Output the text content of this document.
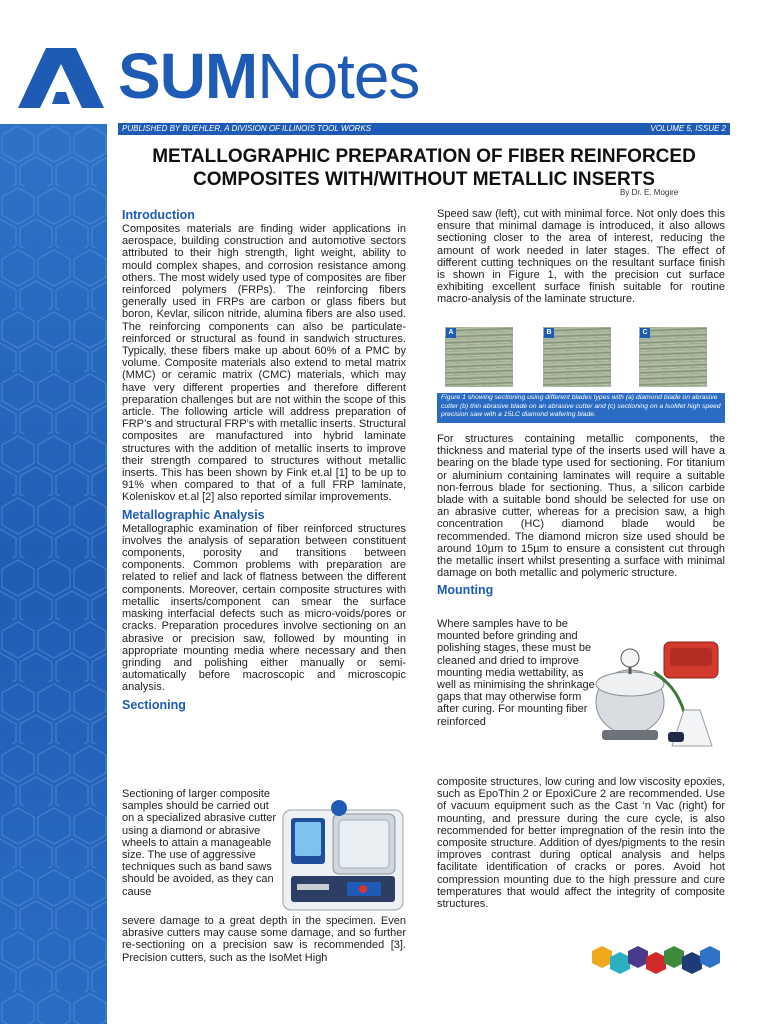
SUMNotes
PUBLISHED BY BUEHLER, A DIVISION OF ILLINOIS TOOL WORKS	VOLUME 5, ISSUE 2
METALLOGRAPHIC PREPARATION OF FIBER REINFORCED
COMPOSITES WITH/WITHOUT METALLIC INSERTS
By Dr. E. Mogire
Introduction

Composites materials are finding wider applications in aerospace, building construction and automotive sectors attributed to their high strength, light weight, ability to mould complex shapes, and corrosion resistance among others. The most widely used type of composites are fiber reinforced polymers (FRPs). The reinforcing fibers generally used in FRPs are carbon or glass fibers but boron, Kevlar, silicon nitride, alumina fibers are also used. The reinforcing components can also be particulate-reinforced or structural as found in sandwich structures. Typically, these fibers make up about 60% of a PMC by volume. Composite materials also extend to metal matrix (MMC) or ceramic matrix (CMC) materials, which may have very different properties and therefore different preparation challenges but are not within the scope of this article. The following article will address preparation of FRP’s and structural FRP’s with metallic inserts. Structural composites are manufactured into hybrid laminate structures with the addition of metallic inserts to improve their strength compared to structures without metallic inserts. This has been shown by Fink et.al [1] to be up to 91% when compared to that of a full FRP laminate, Koleniskov et.al [2] also reported similar improvements.

Metallographic Analysis

Metallographic examination of fiber reinforced structures involves the analysis of separation between constituent components, porosity and transitions between components. Common problems with preparation are related to relief and lack of flatness between the different components. Moreover, certain composite structures with metallic inserts/component can smear the surface masking interfacial defects such as micro-voids/pores or cracks. Preparation procedures involve sectioning on an abrasive or precision saw, followed by mounting in appropriate mounting media where necessary and then grinding and polishing either manually or semi-automatically before macroscopic and microscopic analysis.

Sectioning

Sectioning of larger composite samples should be carried out on a specialized abrasive cutter using a diamond or abrasive wheels to attain a manageable size. The use of aggressive techniques such as band saws should be avoided, as they can cause

severe damage to a great depth in the specimen. Even abrasive cutters may cause some damage, and so further re-sectioning on a precision saw is recommended [3]. Precision cutters, such as the IsoMet High

Speed saw (left), cut with minimal force. Not only does this ensure that minimal damage is introduced, it also allows sectioning closer to the area of interest, reducing the amount of work needed in later stages. The effect of different cutting techniques on the resultant surface finish is shown in Figure 1, with the precision cut surface exhibiting excellent surface finish suitable for routine macro-analysis of the laminate structure.

A	B	C
Figure 1 showing sectioning using different blades types with (a) diamond blade on abrasive cutter (b) thin abrasive blade on an abrasive cutter and (c) sectioning on a IsoMet high speed precision saw with a 15LC diamond wafering blade.

For structures containing metallic components, the thickness and material type of the inserts used will have a bearing on the blade type used for sectioning. For titanium or aluminium containing laminates will require a suitable non-ferrous blade for sectioning. Thus, a silicon carbide blade with a suitable bond should be selected for use on an abrasive cutter, whereas for a precision saw, a high concentration (HC) diamond blade would be recommended. The diamond micron size used should be around 10µm to 15µm to ensure a consistent cut through the metallic insert whilst presenting a surface with minimal damage on both metallic and polymeric structure.

Mounting

Where samples have to be mounted before grinding and polishing stages, these must be cleaned and dried to improve mounting media wettability, as well as minimising the shrinkage gaps that may otherwise form after curing. For mounting fiber reinforced

composite structures, low curing and low viscosity epoxies, such as EpoThin 2 or EpoxiCure 2 are recommended. Use of vacuum equipment such as the Cast ‘n Vac (right) for mounting, and pressure during the cure cycle, is also recommended for better impregnation of the resin into the composite structure. Addition of dyes/pigments to the resin improves contrast during optical analysis and helps facilitate identification of cracks or pores. Avoid hot compression mounting due to the high pressure and cure temperatures that would affect the integrity of composite structures.
